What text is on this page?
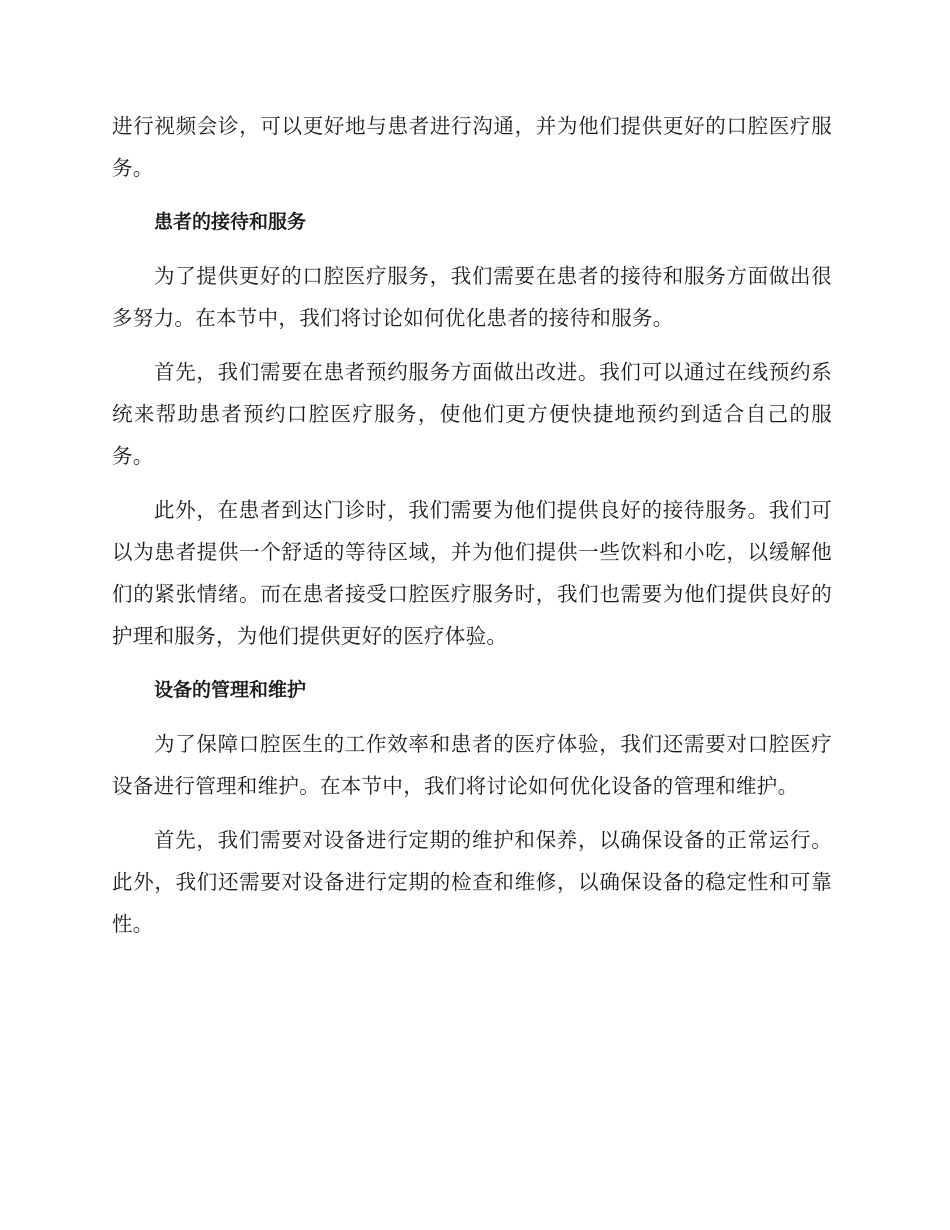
进行视频会诊，可以更好地与患者进行沟通，并为他们提供更好的口腔医疗服务。

患者的接待和服务

为了提供更好的口腔医疗服务，我们需要在患者的接待和服务方面做出很多努力。在本节中，我们将讨论如何优化患者的接待和服务。

首先，我们需要在患者预约服务方面做出改进。我们可以通过在线预约系统来帮助患者预约口腔医疗服务，使他们更方便快捷地预约到适合自己的服务。

此外，在患者到达门诊时，我们需要为他们提供良好的接待服务。我们可以为患者提供一个舒适的等待区域，并为他们提供一些饮料和小吃，以缓解他们的紧张情绪。而在患者接受口腔医疗服务时，我们也需要为他们提供良好的护理和服务，为他们提供更好的医疗体验。

设备的管理和维护

为了保障口腔医生的工作效率和患者的医疗体验，我们还需要对口腔医疗设备进行管理和维护。在本节中，我们将讨论如何优化设备的管理和维护。

首先，我们需要对设备进行定期的维护和保养，以确保设备的正常运行。此外，我们还需要对设备进行定期的检查和维修，以确保设备的稳定性和可靠性。
